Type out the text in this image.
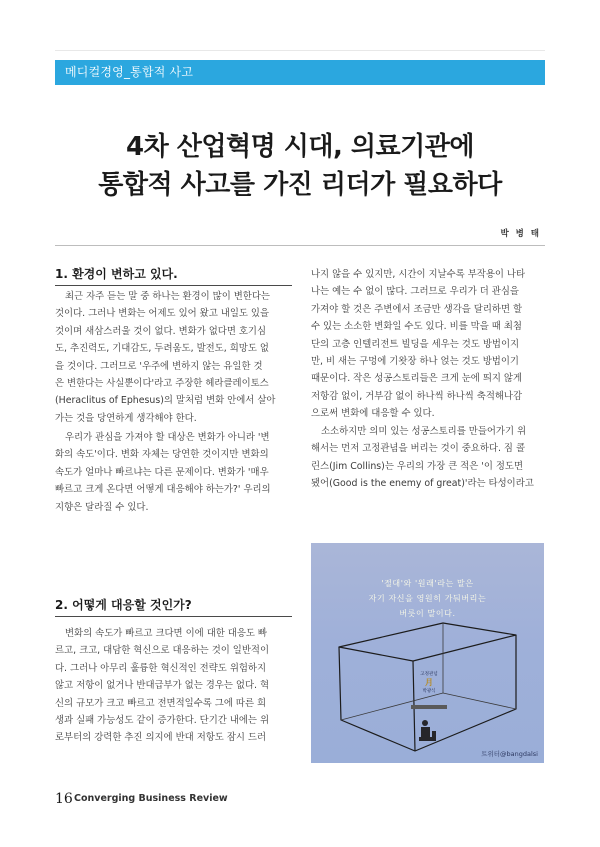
메디컬경영_통합적 사고
4차 산업혁명 시대, 의료기관에
통합적 사고를 가진 리더가 필요하다
박 병 태
1. 환경이 변하고 있다.
최근 자주 듣는 말 중 하나는 환경이 많이 변한다는
것이다. 그러나 변화는 어제도 있어 왔고 내일도 있을
것이며 새삼스러울 것이 없다. 변화가 없다면 호기심
도, 추진력도, 기대감도, 두려움도, 발전도, 희망도 없
을 것이다. 그러므로 '우주에 변하지 않는 유일한 것
은 변한다는 사실뿐이다'라고 주장한 헤라클레이토스
(Heraclitus of Ephesus)의 말처럼 변화 안에서 살아
가는 것을 당연하게 생각해야 한다.
우리가 관심을 가져야 할 대상은 변화가 아니라 '변
화의 속도'이다. 변화 자체는 당연한 것이지만 변화의
속도가 얼마나 빠르냐는 다른 문제이다. 변화가 '매우
빠르고 크게 온다면 어떻게 대응해야 하는가?' 우리의
지향은 달라질 수 있다.
2. 어떻게 대응할 것인가?
변화의 속도가 빠르고 크다면 이에 대한 대응도 빠
르고, 크고, 대담한 혁신으로 대응하는 것이 일반적이
다. 그러나 아무리 훌륭한 혁신적인 전략도 위험하지
않고 저항이 없거나 반대급부가 없는 경우는 없다. 혁
신의 규모가 크고 빠르고 전면적일수록 그에 따른 희
생과 실패 가능성도 같이 증가한다. 단기간 내에는 위
로부터의 강력한 추진 의지에 반대 저항도 잠시 드러
나지 않을 수 있지만, 시간이 지날수록 부작용이 나타
나는 예는 수 없이 많다. 그러므로 우리가 더 관심을
가져야 할 것은 주변에서 조금만 생각을 달리하면 할
수 있는 소소한 변화일 수도 있다. 비를 막을 때 최첨
단의 고층 인텔리전트 빌딩을 세우는 것도 방법이지
만, 비 새는 구멍에 기왓장 하나 얹는 것도 방법이기
때문이다. 작은 성공스토리들은 크게 눈에 띄지 않게
저항감 없이, 거부감 없이 하나씩 하나씩 축적해나감
으로써 변화에 대응할 수 있다.
소소하지만 의미 있는 성공스토리를 만들어가기 위
해서는 먼저 고정관념을 버리는 것이 중요하다. 짐 콜
린스(Jim Collins)는 우리의 가장 큰 적은 '이 정도면
됐어(Good is the enemy of great)'라는 타성이라고
'절대'와 '원래'라는 말은
자기 자신을 영원히 가둬버리는
버릇이 말이다.
고정관념
月
박광식
트위터@bangdalsi
16 Converging Business Review
